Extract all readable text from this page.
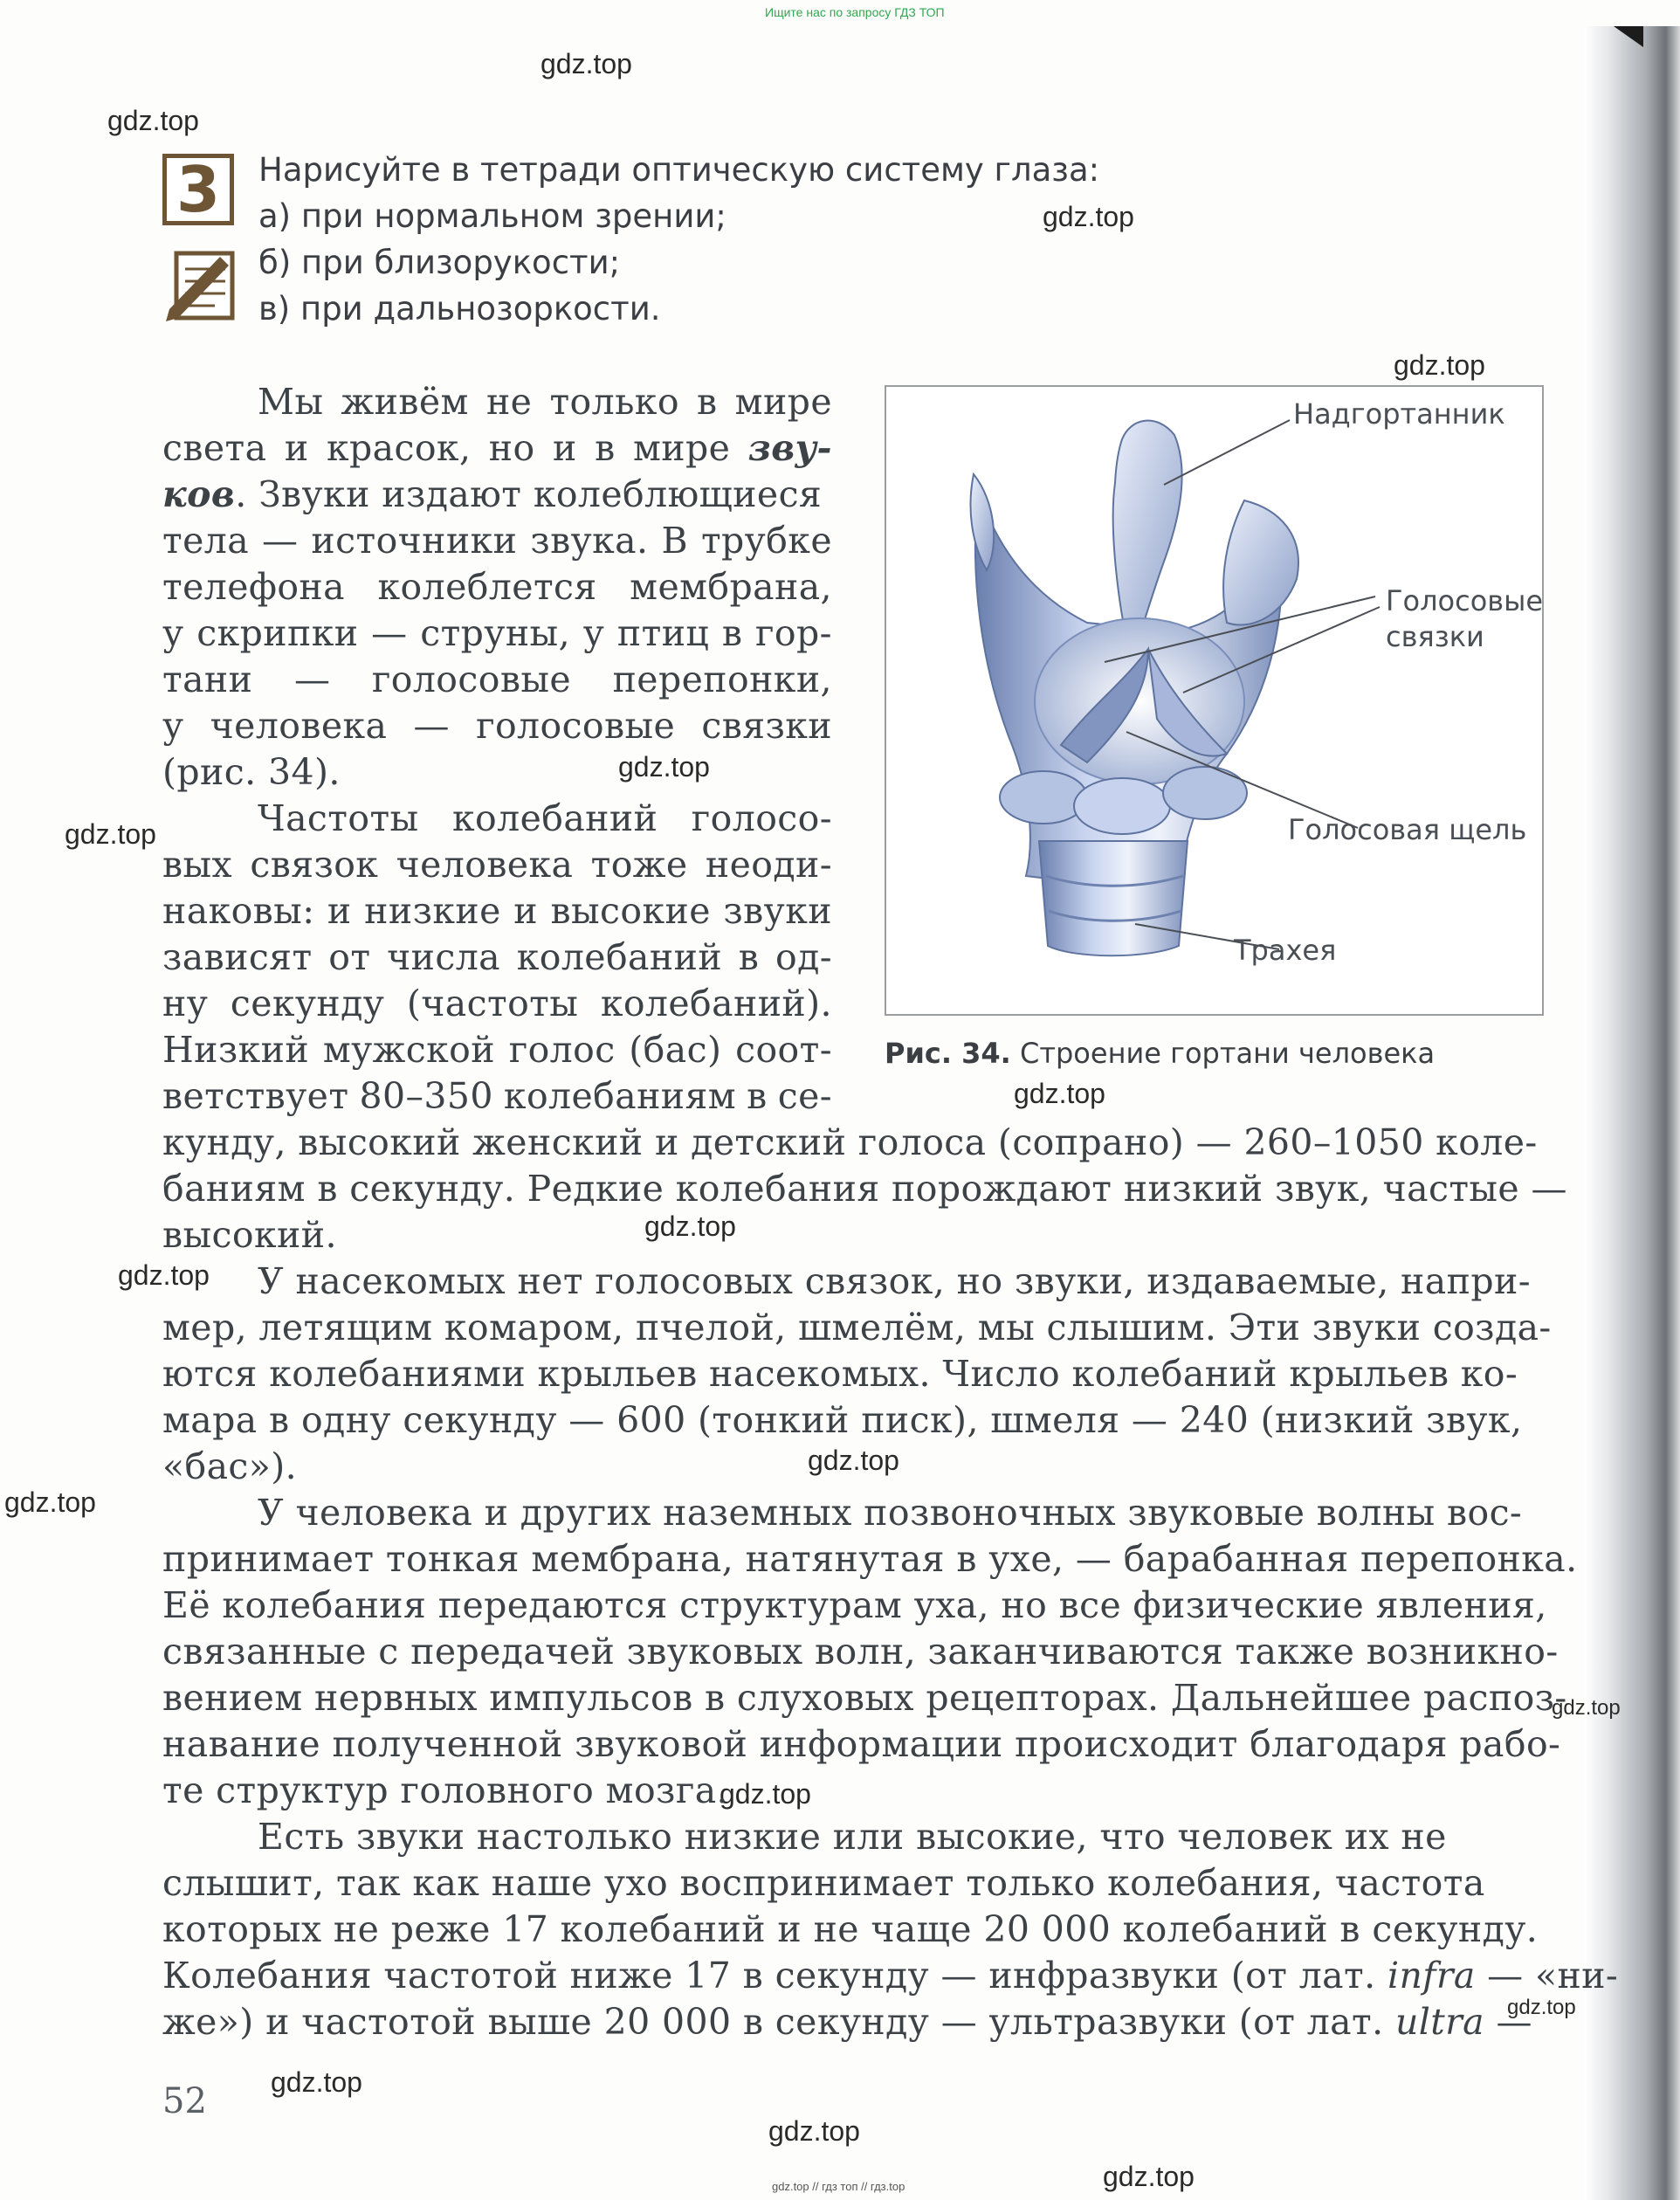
Ищите нас по запросу ГДЗ ТОП
gdz.top
gdz.top
gdz.top
gdz.top
gdz.top
gdz.top
gdz.top
gdz.top
gdz.top
gdz.top
gdz.top
gdz.top
gdz.top
gdz.top
gdz.top
gdz.top
gdz.top
3 Нарисуйте в тетради оптическую систему глаза:
а) при нормальном зрении;
б) при близорукости;
в) при дальнозоркости.
Мы живём не только в мире
света и красок, но и в мире зву-
ков. Звуки издают колеблющиеся
тела — источники звука. В трубке
телефона колеблется мембрана,
у скрипки — струны, у птиц в гор-
тани — голосовые перепонки,
у человека — голосовые связки
(рис. 34).
Частоты колебаний голосо-
вых связок человека тоже неоди-
наковы: и низкие и высокие звуки
зависят от числа колебаний в од-
ну секунду (частоты колебаний).
Низкий мужской голос (бас) соот-
ветствует 80–350 колебаниям в се-
кунду, высокий женский и детский голоса (сопрано) — 260–1050 коле-
баниям в секунду. Редкие колебания порождают низкий звук, частые —
высокий.
У насекомых нет голосовых связок, но звуки, издаваемые, напри-
мер, летящим комаром, пчелой, шмелём, мы слышим. Эти звуки созда-
ются колебаниями крыльев насекомых. Число колебаний крыльев ко-
мара в одну секунду — 600 (тонкий писк), шмеля — 240 (низкий звук,
«бас»).
У человека и других наземных позвоночных звуковые волны вос-
принимает тонкая мембрана, натянутая в ухе, — барабанная перепонка.
Её колебания передаются структурам уха, но все физические явления,
связанные с передачей звуковых волн, заканчиваются также возникно-
вением нервных импульсов в слуховых рецепторах. Дальнейшее распоз-
навание полученной звуковой информации происходит благодаря рабо-
те структур головного мозга.
Есть звуки настолько низкие или высокие, что человек их не
слышит, так как наше ухо воспринимает только колебания, частота
которых не реже 17 колебаний и не чаще 20 000 колебаний в секунду.
Колебания частотой ниже 17 в секунду — инфразвуки (от лат. infra — «ни-
же») и частотой выше 20 000 в секунду — ультразвуки (от лат. ultra —
Надгортанник
Голосовые
связки
Голосовая щель
Трахея
Рис. 34. Строение гортани человека
52
gdz.top // гдз топ // гдз.top
